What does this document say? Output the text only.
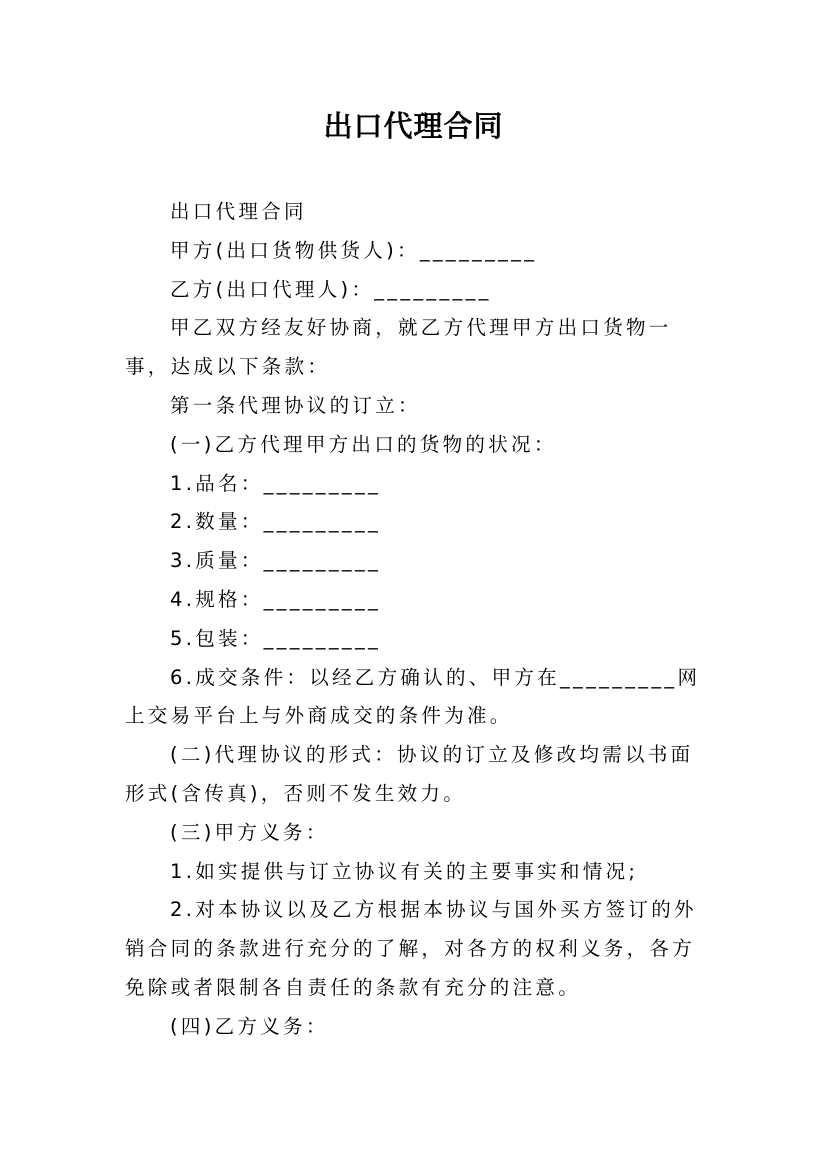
出口代理合同

出口代理合同

甲方(出口货物供货人)：_________

乙方(出口代理人)：_________

甲乙双方经友好协商，就乙方代理甲方出口货物一事，达成以下条款：

第一条代理协议的订立：

(一)乙方代理甲方出口的货物的状况：

1.品名：_________

2.数量：_________

3.质量：_________

4.规格：_________

5.包装：_________

6.成交条件：以经乙方确认的、甲方在_________网上交易平台上与外商成交的条件为准。

(二)代理协议的形式：协议的订立及修改均需以书面形式(含传真)，否则不发生效力。

(三)甲方义务：

1.如实提供与订立协议有关的主要事实和情况;

2.对本协议以及乙方根据本协议与国外买方签订的外销合同的条款进行充分的了解，对各方的权利义务，各方免除或者限制各自责任的条款有充分的注意。

(四)乙方义务：
